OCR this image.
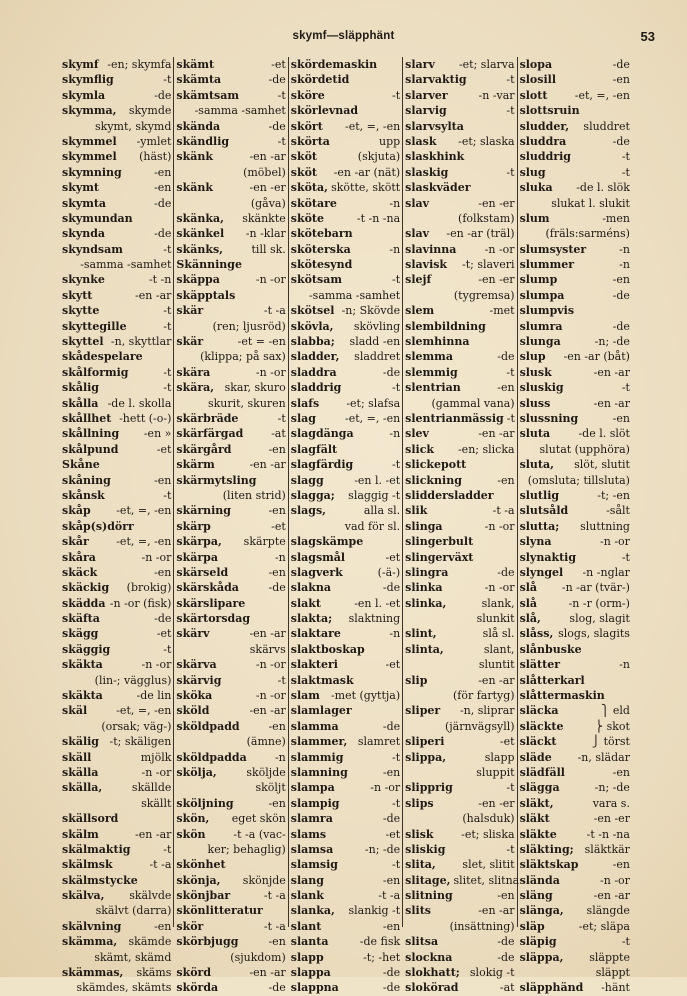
skymf—släpphänt	53
skymf -en; skymfa
skymflig	-t
skymla	-de
skymma, skymde
skymt, skymd
skymmel -ymlet
skymmel (häst)
skymning	-en
skymt	-en
skymta	-de
skymundan
skynda	-de
skyndsam	-t
-samma -samhet
skynke	-t -n
skytt	-en -ar
skytte	-t
skyttegille	-t
skyttel -n, skyttlar
skådespelare
skålformig	-t
skålig	-t
skålla -de l. skolla
skållhet -hett (-o-)
skållning -en »
skålpund	-et
Skåne
skåning	-en
skånsk	-t
skåp -et, =, -en
skåp(s)dörr
skår -et, =, -en
skåra	-n -or
skäck	-en
skäckig (brokig)
skädda -n -or (fisk)
skäfta	-de
skägg	-et
skäggig	-t
skäkta	-n -or
(lin-; vägglus)
skäkta	-de lin
skäl	-et, =, -en
(orsak; väg-)
skälig -t; skäligen
skäll	mjölk
skälla	-n -or
skälla,	skällde
skällt
skällsord
skälm	-en -ar
skälmaktig	-t
skälmsk	-t -a
skälmstycke
skälva, skälvde
skälvt (darra)
skälvning	-en
skämma, skämde
skämt, skämd
skämmas, skäms
skämdes, skämts
skämt	-et
skämta	-de
skämtsam	-t
-samma -samhet
skända	-de
skändlig	-t
skänk	-en -ar
(möbel)
skänk	-en -er
(gåva)
skänka, skänkte
skänkel -n -klar
skänks,	till sk.
Skänninge
skäppa	-n -or
skäpptals
skär	-t -a
(ren; ljusröd)
skär	-et = -en
(klippa; på sax)
skära	-n -or
skära, skar, skuro
skurit, skuren
skärbräde	-t
skärfärgad	-at
skärgård	-en
skärm	-en -ar
skärmytsling
(liten strid)
skärning	-en
skärp	-et
skärpa, skärpte
skärpa	-n
skärseld	-en
skärskåda	-de
skärslipare
skärtorsdag
skärv	-en -ar
skärvs
skärva	-n -or
skärvig	-t
sköka	-n -or
sköld	-en -ar
sköldpadd	-en
(ämne)
sköldpadda	-n
skölja,	sköljde
sköljt
sköljning	-en
skön, eget skön
skön	-t -a (vac-
ker; behaglig)
skönhet
skönja, skönjde
skönjbar	-t -a
skönlitteratur
skör	-t -a
skörbjugg	-en
(sjukdom)
skörd	-en -ar
skörda	-de
skördemaskin
skördetid
sköre	-t
skörlevnad
skört -et, =, -en
skörta	upp
sköt	(skjuta)
sköt -en -ar (nät)
sköta, skötte, skött
skötare	-n
sköte	-t -n -na
skötebarn
sköterska	-n
skötesynd
skötsam	-t
-samma -samhet
skötsel -n; Skövde
skövla, skövling
slabba; sladd -en
sladder, sladdret
sladdra	-de
sladdrig	-t
slafs -et; slafsa
slag	-et, =, -en
slagdänga	-n
slagfält
slagfärdig	-t
slagg	-en l. -et
slagga; slaggig -t
slags,	alla sl.
vad för sl.
slagskämpe
slagsmål	-et
slagverk	(-ä-)
slakna	-de
slakt	-en l. -et
slakta; slaktning
slaktare	-n
slaktboskap
slakteri	-et
slaktmask
slam -met (gyttja)
slamlager
slamma	-de
slammer, slamret
slammig	-t
slamning	-en
slampa	-n -or
slampig	-t
slamra	-de
slams	-et
slamsa	-n; -de
slamsig	-t
slang	-en
slank	-t -a
slanka, slankig -t
slant	-en
slanta	-de fisk
slapp	-t; -het
slappa	-de
slappna	-de
slarv -et; slarva
slarvaktig	-t
slarver	-n -var
slarvig	-t
slarvsylta
slask -et; slaska
slaskhink
slaskig	-t
slaskväder
slav	-en -er
(folkstam)
slav -en -ar (träl)
slavinna	-n -or
slavisk -t; slaveri
slejf	-en -er
(tygremsa)
slem	-met
slembildning
slemhinna
slemma	-de
slemmig	-t
slentrian	-en
(gammal vana)
slentrianmässig -t
slev	-en -ar
slick -en; slicka
slickepott
slickning	-en
sliddersladder
slik	-t -a
slinga	-n -or
slingerbult
slingerväxt
slingra	-de
slinka	-n -or
slinka,	slank,
slunkit
slint,	slå sl.
slinta,	slant,
sluntit
slip	-en -ar
(för fartyg)
sliper -n, sliprar
(järnvägsyll)
sliperi	-et
slippa,	slapp
sluppit
slipprig	-t
slips	-en -er
(halsduk)
slisk	-et; sliska
sliskig	-t
slita, slet, slitit
slitage, slitet, slitna
slitning	-en
slits	-en -ar
(insättning)
slitsa	-de
slockna	-de
slokhatt; slokig -t
slokörad	-at
slopa	-de
slosill	-en
slott -et, =, -en
slottsruin
sludder, sluddret
sluddra	-de
sluddrig	-t
slug	-t
sluka -de l. slök
slukat l. slukit
slum	-men
(fräls:sarméns)
slumsyster	-n
slummer	-n
slump	-en
slumpa	-de
slumpvis
slumra	-de
slunga	-n; -de
slup -en -ar (båt)
slusk	-en -ar
sluskig	-t
sluss	-en -ar
slussning	-en
sluta	-de l. slöt
slutat (upphöra)
sluta, slöt, slutit
(omsluta; tillsluta)
slutlig	-t; -en
slutsåld	-sålt
slutta; sluttning
slyna	-n -or
slynaktig	-t
slyngel -n -nglar
slå -n -ar (tvär-)
slå	-n -r (orm-)
slå,	slog, slagit
slåss, slogs, slagits
slånbuske
slätter	-n
slåtterkarl
slåttermaskin
släcka	⎫ eld
släckte	⎬ skot
släckt	⎭ törst
släde -n, slädar
slädfäll	-en
slägga	-n; -de
släkt,	vara s.
släkt	-en -er
släkte	-t -n -na
släkting; släktkär
släktskap	-en
slända	-n -or
släng	-en -ar
slänga, slängde
släp	-et; släpa
släpig	-t
släppa, släppte
släppt
släpphänd -hänt
